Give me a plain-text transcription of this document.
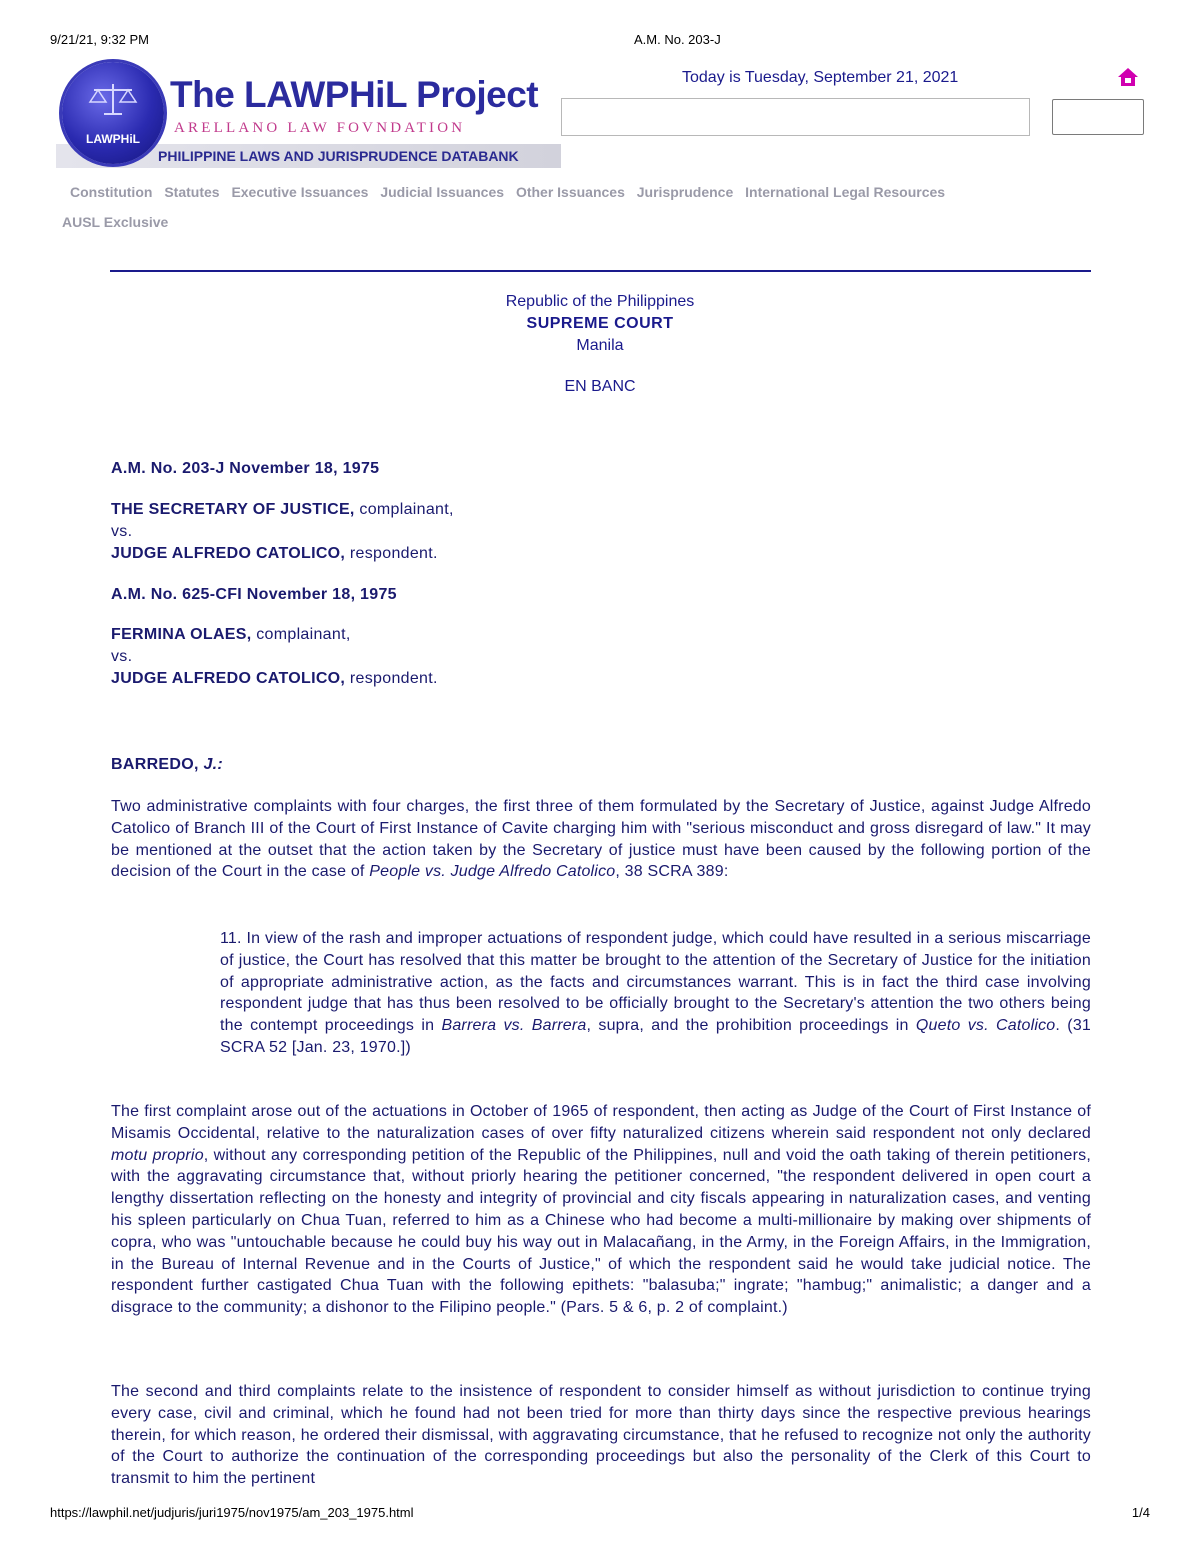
9/21/21, 9:32 PM	A.M. No. 203-J
PHILIPPINE LAWS AND JURISPRUDENCE DATABANK
LAWPHiL
The LAWPHiL Project
ARELLANO LAW FOVNDATION
Today is Tuesday, September 21, 2021
Constitution Statutes Executive Issuances Judicial Issuances Other Issuances Jurisprudence International Legal Resources
AUSL Exclusive
Republic of the Philippines
SUPREME COURT
Manila
EN BANC
A.M. No. 203-J November 18, 1975
THE SECRETARY OF JUSTICE, complainant,
vs.
JUDGE ALFREDO CATOLICO, respondent.
A.M. No. 625-CFI November 18, 1975
FERMINA OLAES, complainant,
vs.
JUDGE ALFREDO CATOLICO, respondent.
BARREDO, J.:
Two administrative complaints with four charges, the first three of them formulated by the Secretary of Justice, against Judge Alfredo Catolico of Branch III of the Court of First Instance of Cavite charging him with "serious misconduct and gross disregard of law." It may be mentioned at the outset that the action taken by the Secretary of justice must have been caused by the following portion of the decision of the Court in the case of People vs. Judge Alfredo Catolico, 38 SCRA 389:
11. In view of the rash and improper actuations of respondent judge, which could have resulted in a serious miscarriage of justice, the Court has resolved that this matter be brought to the attention of the Secretary of Justice for the initiation of appropriate administrative action, as the facts and circumstances warrant. This is in fact the third case involving respondent judge that has thus been resolved to be officially brought to the Secretary's attention the two others being the contempt proceedings in Barrera vs. Barrera, supra, and the prohibition proceedings in Queto vs. Catolico. (31 SCRA 52 [Jan. 23, 1970.])
The first complaint arose out of the actuations in October of 1965 of respondent, then acting as Judge of the Court of First Instance of Misamis Occidental, relative to the naturalization cases of over fifty naturalized citizens wherein said respondent not only declared motu proprio, without any corresponding petition of the Republic of the Philippines, null and void the oath taking of therein petitioners, with the aggravating circumstance that, without priorly hearing the petitioner concerned, "the respondent delivered in open court a lengthy dissertation reflecting on the honesty and integrity of provincial and city fiscals appearing in naturalization cases, and venting his spleen particularly on Chua Tuan, referred to him as a Chinese who had become a multi-millionaire by making over shipments of copra, who was "untouchable because he could buy his way out in Malacañang, in the Army, in the Foreign Affairs, in the Immigration, in the Bureau of Internal Revenue and in the Courts of Justice," of which the respondent said he would take judicial notice. The respondent further castigated Chua Tuan with the following epithets: "balasuba;" ingrate; "hambug;" animalistic; a danger and a disgrace to the community; a dishonor to the Filipino people." (Pars. 5 & 6, p. 2 of complaint.)
The second and third complaints relate to the insistence of respondent to consider himself as without jurisdiction to continue trying every case, civil and criminal, which he found had not been tried for more than thirty days since the respective previous hearings therein, for which reason, he ordered their dismissal, with aggravating circumstance, that he refused to recognize not only the authority of the Court to authorize the continuation of the corresponding proceedings but also the personality of the Clerk of this Court to transmit to him the pertinent
https://lawphil.net/judjuris/juri1975/nov1975/am_203_1975.html	1/4
